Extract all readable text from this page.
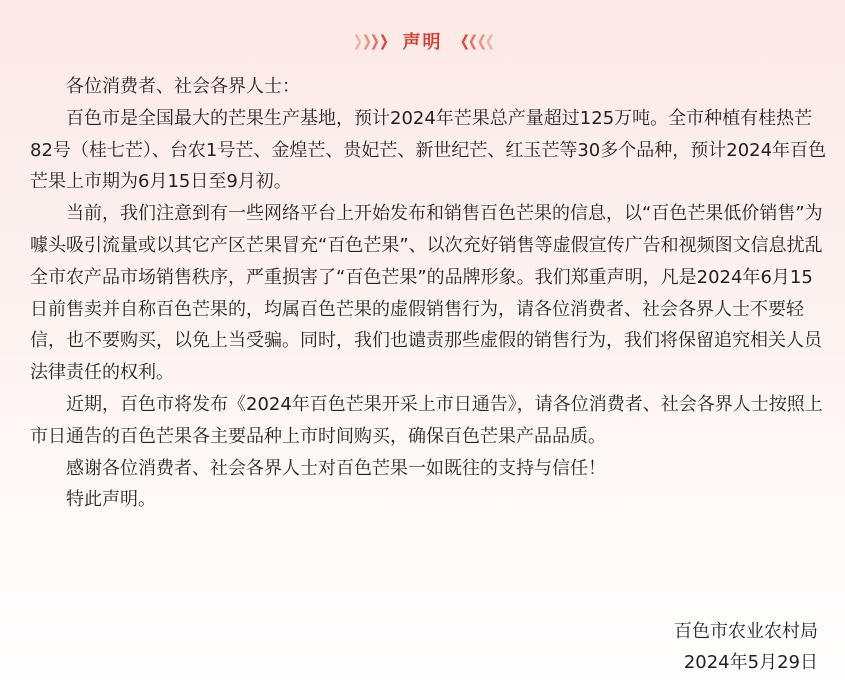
❯ ❯ ❯ ❯ 声明 ❮ ❮ ❮ ❮

各位消费者、社会各界人士：

百色市是全国最大的芒果生产基地，预计2024年芒果总产量超过125万吨。全市种植有桂热芒82号（桂七芒）、台农1号芒、金煌芒、贵妃芒、新世纪芒、红玉芒等30多个品种，预计2024年百色芒果上市期为6月15日至9月初。

当前，我们注意到有一些网络平台上开始发布和销售百色芒果的信息，以“百色芒果低价销售”为噱头吸引流量或以其它产区芒果冒充“百色芒果”、以次充好销售等虚假宣传广告和视频图文信息扰乱全市农产品市场销售秩序，严重损害了“百色芒果”的品牌形象。我们郑重声明，凡是2024年6月15日前售卖并自称百色芒果的，均属百色芒果的虚假销售行为，请各位消费者、社会各界人士不要轻信，也不要购买，以免上当受骗。同时，我们也谴责那些虚假的销售行为，我们将保留追究相关人员法律责任的权利。

近期，百色市将发布《2024年百色芒果开采上市日通告》，请各位消费者、社会各界人士按照上市日通告的百色芒果各主要品种上市时间购买，确保百色芒果产品品质。

感谢各位消费者、社会各界人士对百色芒果一如既往的支持与信任！

特此声明。

百色市农业农村局
2024年5月29日
